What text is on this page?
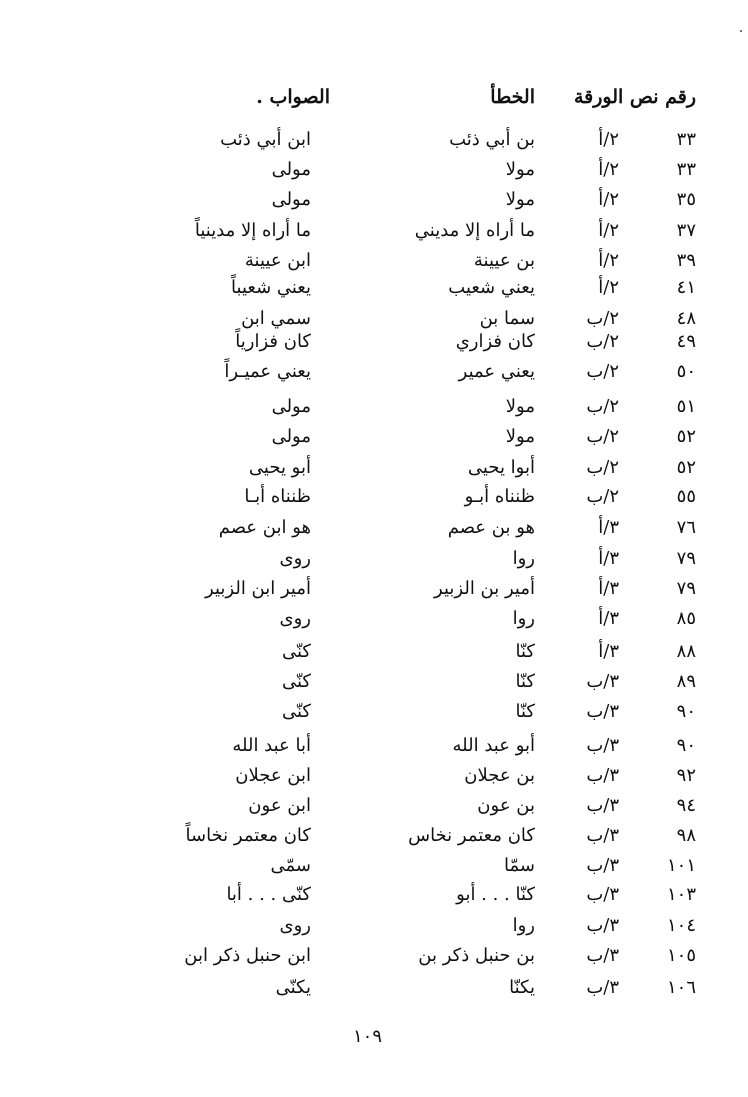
رقم نص الورقة
الخطأ
الصواب .
٣٣
٢/أ
بن أبي ذئب
ابن أبي ذئب
٣٣
٢/أ
مولا
مولى
٣٥
٢/أ
مولا
مولى
٣٧
٢/أ
ما أراه إلا مديني
ما أراه إلا مدينياً
٣٩
٢/أ
بن عيينة
ابن عيينة
٤١
٢/أ
يعني شعيب
يعني شعيباً
٤٨
٢/ب
سما بن
سمي ابن
٤٩
٢/ب
كان فزاري
كان فزارياً
٥٠
٢/ب
يعني عمير
يعني عميـراً
٥١
٢/ب
مولا
مولى
٥٢
٢/ب
مولا
مولى
٥٢
٢/ب
أبوا يحيى
أبو يحيى
٥٥
٢/ب
ظنناه أبـو
ظنناه أبـا
٧٦
٣/أ
هو بن عصم
هو ابن عصم
٧٩
٣/أ
روا
روى
٧٩
٣/أ
أمير بن الزبير
أمير ابن الزبير
٨٥
٣/أ
روا
روى
٨٨
٣/أ
كنّا
كنّى
٨٩
٣/ب
كنّا
كنّى
٩٠
٣/ب
كنّا
كنّى
٩٠
٣/ب
أبو عبد الله
أبا عبد الله
٩٢
٣/ب
بن عجلان
ابن عجلان
٩٤
٣/ب
بن عون
ابن عون
٩٨
٣/ب
كان معتمر نخاس
كان معتمر نخاساً
١٠١
٣/ب
سمّا
سمّى
١٠٣
٣/ب
كنّا . . . أبو
كنّى . . . أبا
١٠٤
٣/ب
روا
روى
١٠٥
٣/ب
بن حنبل ذكر بن
ابن حنبل ذكر ابن
١٠٦
٣/ب
يكنّا
يكنّى
١٠٩
